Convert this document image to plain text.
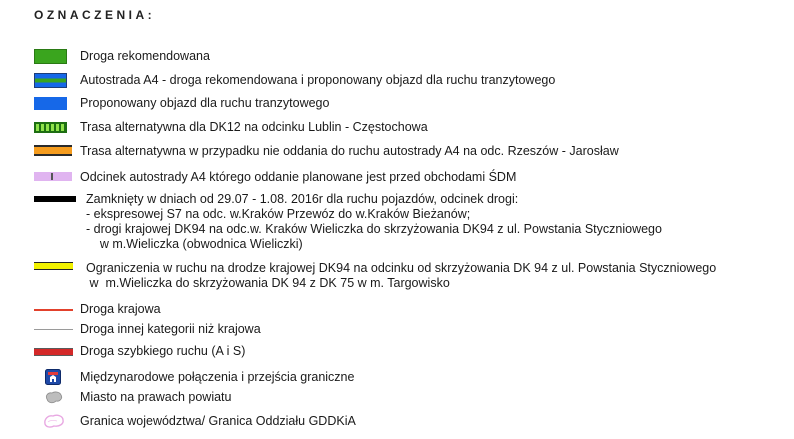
OZNACZENIA:
Droga rekomendowana
Autostrada A4 - droga rekomendowana i proponowany objazd dla ruchu tranzytowego
Proponowany objazd dla ruchu tranzytowego
Trasa alternatywna dla DK12 na odcinku Lublin - Częstochowa
Trasa alternatywna w przypadku nie oddania do ruchu autostrady A4 na odc. Rzeszów - Jarosław
Odcinek autostrady A4 którego oddanie planowane jest przed obchodami ŚDM
Zamknięty w dniach od 29.07 - 1.08. 2016r dla ruchu pojazdów, odcinek drogi:
- ekspresowej S7 na odc. w.Kraków Przewóz do w.Kraków Bieżanów;
- drogi krajowej DK94 na odc.w. Kraków Wieliczka do skrzyżowania DK94 z ul. Powstania Styczniowego
w m.Wieliczka (obwodnica Wieliczki)
Ograniczenia w ruchu na drodze krajowej DK94 na odcinku od skrzyżowania DK 94 z ul. Powstania Styczniowego
w  m.Wieliczka do skrzyżowania DK 94 z DK 75 w m. Targowisko
Droga krajowa
Droga innej kategorii niż krajowa
Droga szybkiego ruchu (A i S)
Międzynarodowe połączenia i przejścia graniczne
Miasto na prawach powiatu
Granica województwa/ Granica Oddziału GDDKiA
